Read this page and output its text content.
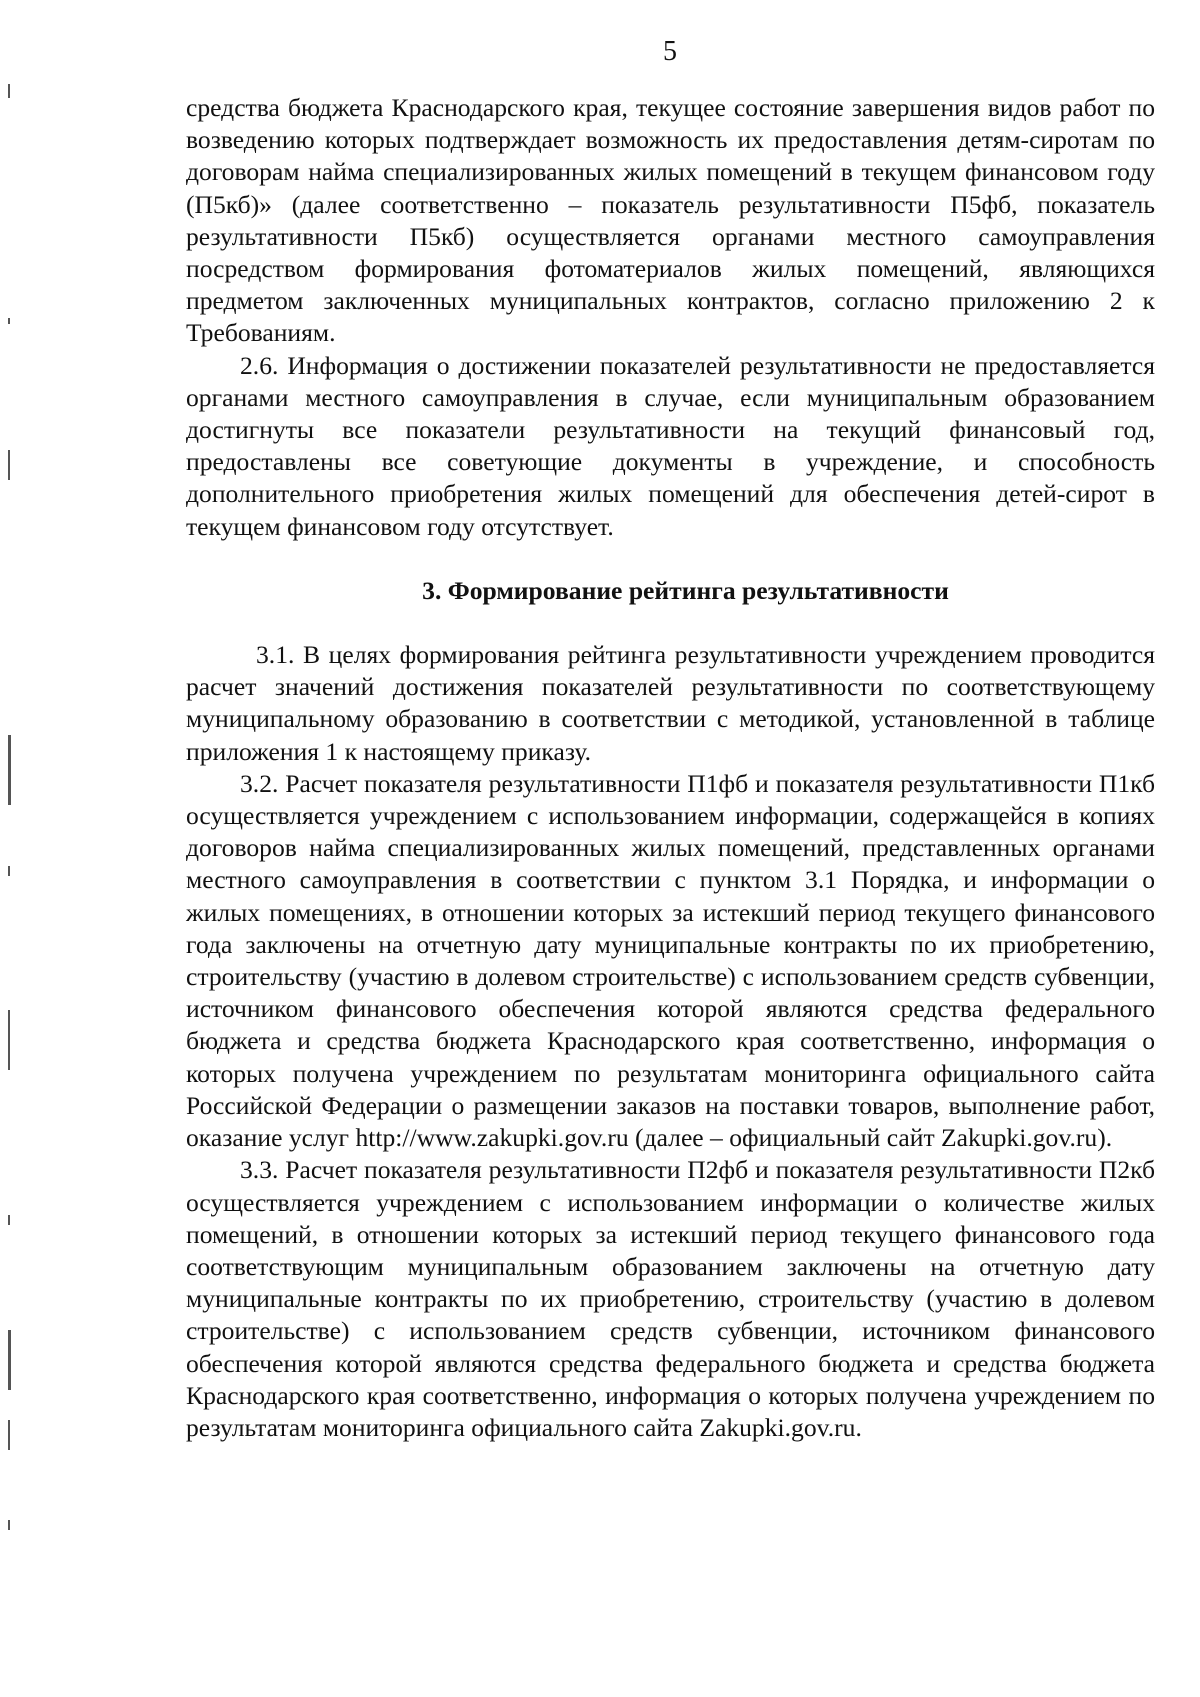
5

средства бюджета Краснодарского края, текущее состояние завершения видов работ по возведению которых подтверждает возможность их предоставления детям-сиротам по договорам найма специализированных жилых помещений в текущем финансовом году (П5кб)» (далее соответственно – показатель результативности П5фб, показатель результативности П5кб) осуществляется органами местного самоуправления посредством формирования фотоматериалов жилых помещений, являющихся предметом заключенных муниципальных контрактов, согласно приложению 2 к Требованиям.

2.6. Информация о достижении показателей результативности не предоставляется органами местного самоуправления в случае, если муниципальным образованием достигнуты все показатели результативности на текущий финансовый год, предоставлены все советующие документы в учреждение, и способность дополнительного приобретения жилых помещений для обеспечения детей-сирот в текущем финансовом году отсутствует.

3. Формирование рейтинга результативности

3.1. В целях формирования рейтинга результативности учреждением проводится расчет значений достижения показателей результативности по соответствующему муниципальному образованию в соответствии с методикой, установленной в таблице приложения 1 к настоящему приказу.

3.2. Расчет показателя результативности П1фб и показателя результативности П1кб осуществляется учреждением с использованием информации, содержащейся в копиях договоров найма специализированных жилых помещений, представленных органами местного самоуправления в соответствии с пунктом 3.1 Порядка, и информации о жилых помещениях, в отношении которых за истекший период текущего финансового года заключены на отчетную дату муниципальные контракты по их приобретению, строительству (участию в долевом строительстве) с использованием средств субвенции, источником финансового обеспечения которой являются средства федерального бюджета и средства бюджета Краснодарского края соответственно, информация о которых получена учреждением по результатам мониторинга официального сайта Российской Федерации о размещении заказов на поставки товаров, выполнение работ, оказание услуг http://www.zakupki.gov.ru (далее – официальный сайт Zakupki.gov.ru).

3.3. Расчет показателя результативности П2фб и показателя результативности П2кб осуществляется учреждением с использованием информации о количестве жилых помещений, в отношении которых за истекший период текущего финансового года соответствующим муниципальным образованием заключены на отчетную дату муниципальные контракты по их приобретению, строительству (участию в долевом строительстве) с использованием средств субвенции, источником финансового обеспечения которой являются средства федерального бюджета и средства бюджета Краснодарского края соответственно, информация о которых получена учреждением по результатам мониторинга официального сайта Zakupki.gov.ru.
